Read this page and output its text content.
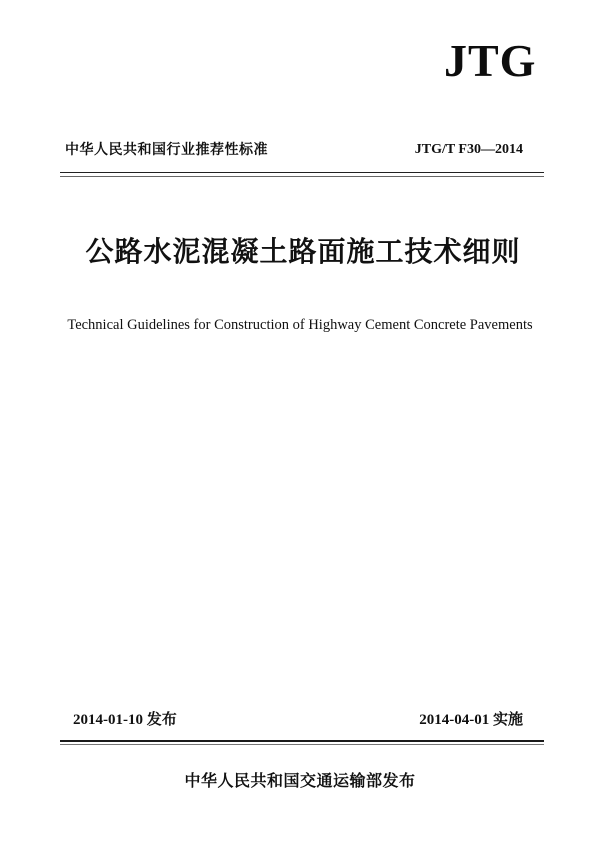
JTG
中华人民共和国行业推荐性标准	JTG/T F30—2014
公路水泥混凝土路面施工技术细则
Technical Guidelines for Construction of Highway Cement Concrete Pavements
2014-01-10 发布	2014-04-01 实施
中华人民共和国交通运输部发布
